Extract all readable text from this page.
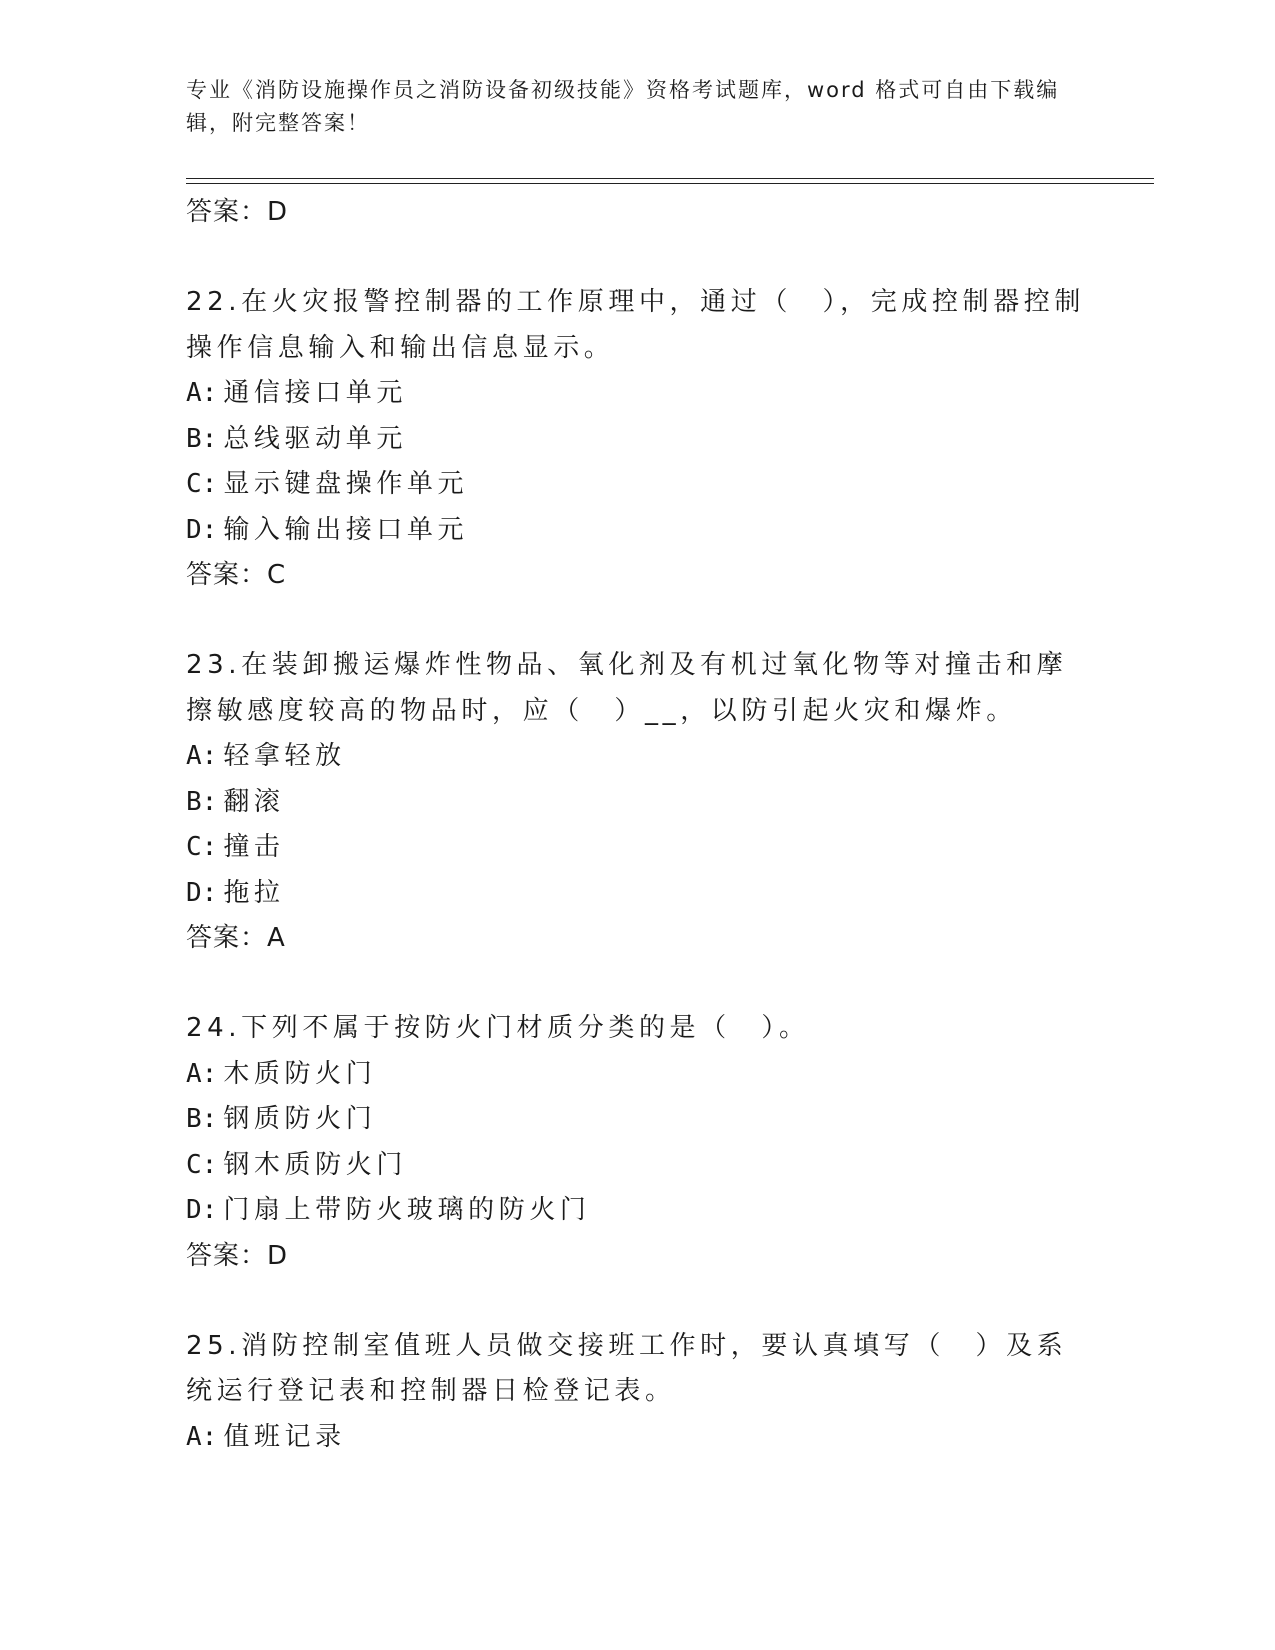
专业《消防设施操作员之消防设备初级技能》资格考试题库，word 格式可自由下载编辑，附完整答案！
答案：D

22.在火灾报警控制器的工作原理中，通过（　），完成控制器控制操作信息输入和输出信息显示。

A: 通信接口单元
B: 总线驱动单元
C: 显示键盘操作单元
D: 输入输出接口单元
答案：C

23.在装卸搬运爆炸性物品、氧化剂及有机过氧化物等对撞击和摩擦敏感度较高的物品时，应（　）__，以防引起火灾和爆炸。

A: 轻拿轻放
B: 翻滚
C: 撞击
D: 拖拉
答案：A

24.下列不属于按防火门材质分类的是（　）。

A: 木质防火门
B: 钢质防火门
C: 钢木质防火门
D: 门扇上带防火玻璃的防火门
答案：D

25.消防控制室值班人员做交接班工作时，要认真填写（　）及系统运行登记表和控制器日检登记表。

A: 值班记录
